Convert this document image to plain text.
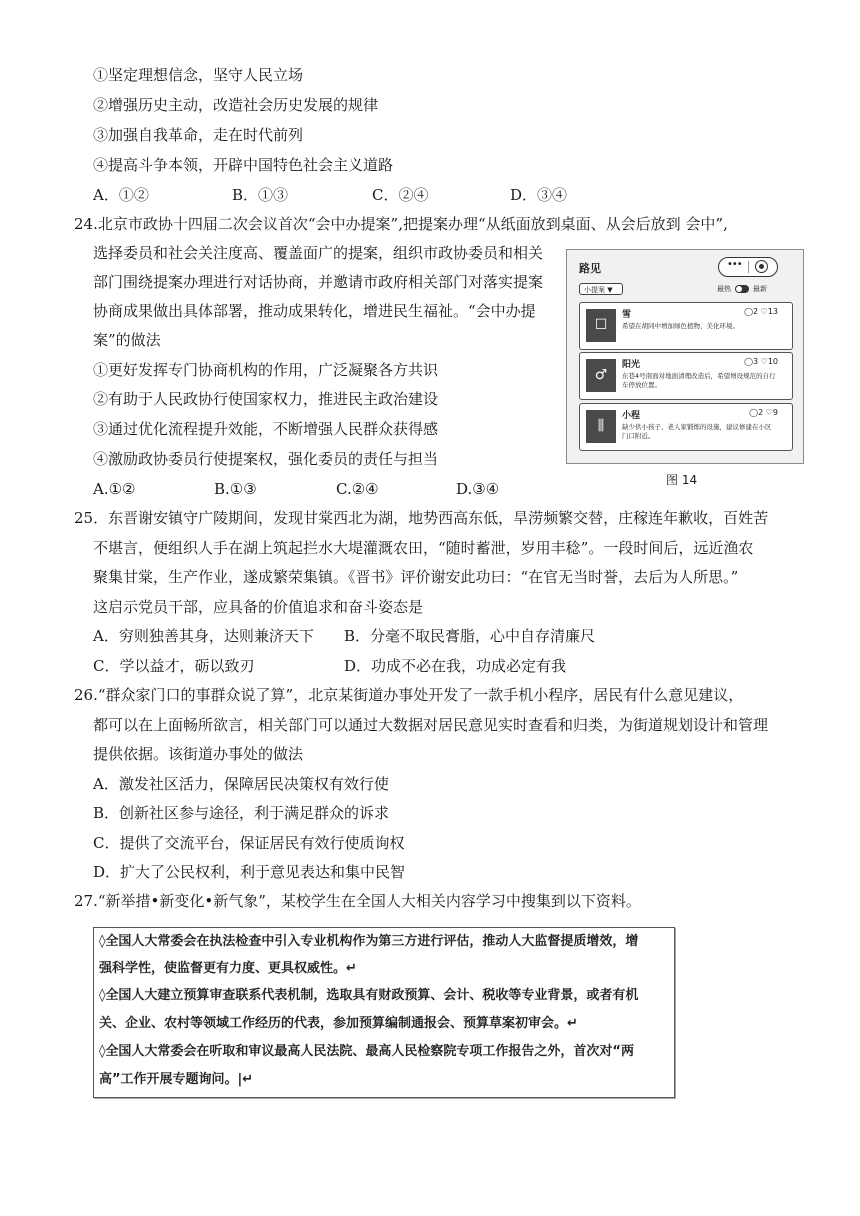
①坚定理想信念，坚守人民立场
②增强历史主动，改造社会历史发展的规律
③加强自我革命，走在时代前列
④提高斗争本领，开辟中国特色社会主义道路
A．①②	B．①③	C．②④	D．③④
24.北京市政协十四届二次会议首次“会中办提案”,把提案办理“从纸面放到桌面、从会后放到 会中”,
选择委员和社会关注度高、覆盖面广的提案，组织市政协委员和相关
部门围绕提案办理进行对话协商，并邀请市政府相关部门对落实提案
协商成果做出具体部署，推动成果转化，增进民生福祉。“会中办提
案”的做法
①更好发挥专门协商机构的作用，广泛凝聚各方共识
②有助于人民政协行使国家权力，推进民主政治建设
③通过优化流程提升效能，不断增强人民群众获得感
④激励政协委员行使提案权，强化委员的责任与担当
A.①②	B.①③	C.②④	D.③④
路见	•••
小提案 ▼	最热	最新
☐
雪	◯2 ♡13
希望在胡同中增加绿色植物，美化环境。
♂
阳光	◯3 ♡10
东巷4号南面对地面清理改造后，希望增设规范的自行车停放位置。
⫼
小程	◯2 ♡9
缺少供小孩子、老人家锻炼的设施，建议修建在小区门口附近。
图 14
25．东晋谢安镇守广陵期间，发现甘棠西北为湖，地势西高东低，旱涝频繁交替，庄稼连年歉收，百姓苦
不堪言，便组织人手在湖上筑起拦水大堤灌溉农田，“随时蓄泄，岁用丰稔”。一段时间后，远近渔农
聚集甘棠，生产作业，遂成繁荣集镇。《晋书》评价谢安此功曰：“在官无当时誉，去后为人所思。”
这启示党员干部，应具备的价值追求和奋斗姿态是
A．穷则独善其身，达则兼济天下 B．分毫不取民膏脂，心中自存清廉尺
C．学以益才，砺以致刃	D．功成不必在我，功成必定有我
26.“群众家门口的事群众说了算”，北京某街道办事处开发了一款手机小程序，居民有什么意见建议，
都可以在上面畅所欲言，相关部门可以通过大数据对居民意见实时查看和归类，为街道规划设计和管理
提供依据。该街道办事处的做法
A．激发社区活力，保障居民决策权有效行使
B．创新社区参与途径，利于满足群众的诉求
C．提供了交流平台，保证居民有效行使质询权
D．扩大了公民权利，利于意见表达和集中民智
27.“新举措•新变化•新气象”，某校学生在全国人大相关内容学习中搜集到以下资料。
◊全国人大常委会在执法检查中引入专业机构作为第三方进行评估，推动人大监督提质增效，增
强科学性，使监督更有力度、更具权威性。↵
◊全国人大建立预算审查联系代表机制，选取具有财政预算、会计、税收等专业背景，或者有机
关、企业、农村等领域工作经历的代表，参加预算编制通报会、预算草案初审会。↵
◊全国人大常委会在听取和审议最高人民法院、最高人民检察院专项工作报告之外，首次对“两
高”工作开展专题询问。|↵
